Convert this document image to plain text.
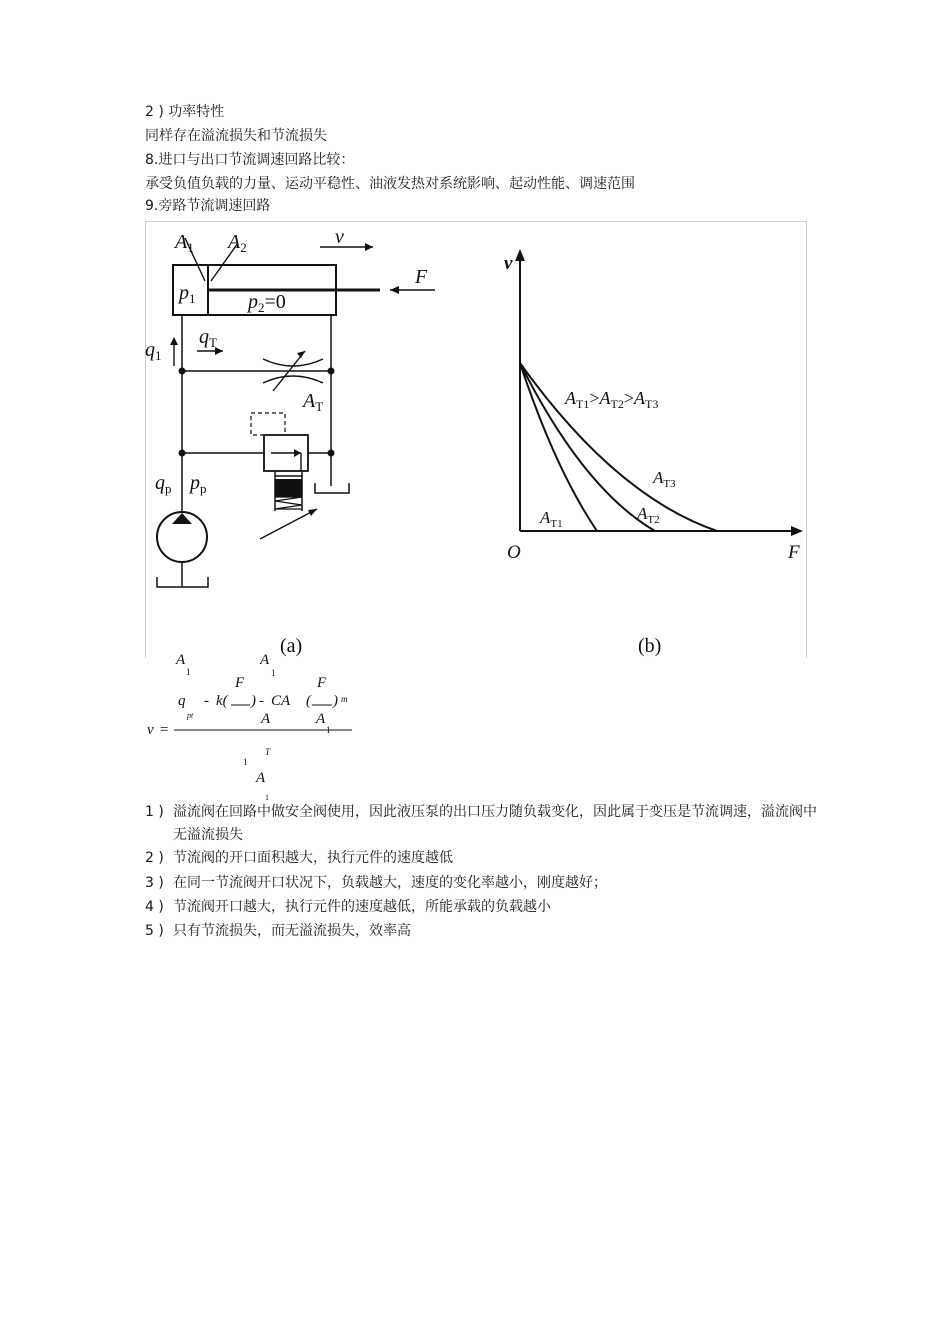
2 ) 功率特性
同样存在溢流损失和节流损失
8.进口与出口节流调速回路比较：
承受负值负载的力量、运动平稳性、油液发热对系统影响、起动性能、调速范围
9.旁路节流调速回路
$A_1$ $A_2$	v
F
$p_1$	$p_2=0$
$q_1$
$q_T$
$A_T$
$q_p$ $p_p$
(a)
v
F
O
$A_{T1}>A_{T2}>A_{T3}$
$A_{T1}$
$A_{T2}$
$A_{T3}$
(b)
A
1
A
1
F	F
q - k( ) - CA ( ) m
pt	A	A
1
v =
1
T
A
1
1 ) 溢流阀在回路中做安全阀使用，因此液压泵的出口压力随负载变化，因此属于变压是节流调速，溢流阀中无溢流损失
2 ) 节流阀的开口面积越大，执行元件的速度越低
3 ) 在同一节流阀开口状况下，负载越大，速度的变化率越小，刚度越好；
4 ) 节流阀开口越大，执行元件的速度越低，所能承载的负载越小
5 ) 只有节流损失，而无溢流损失，效率高
